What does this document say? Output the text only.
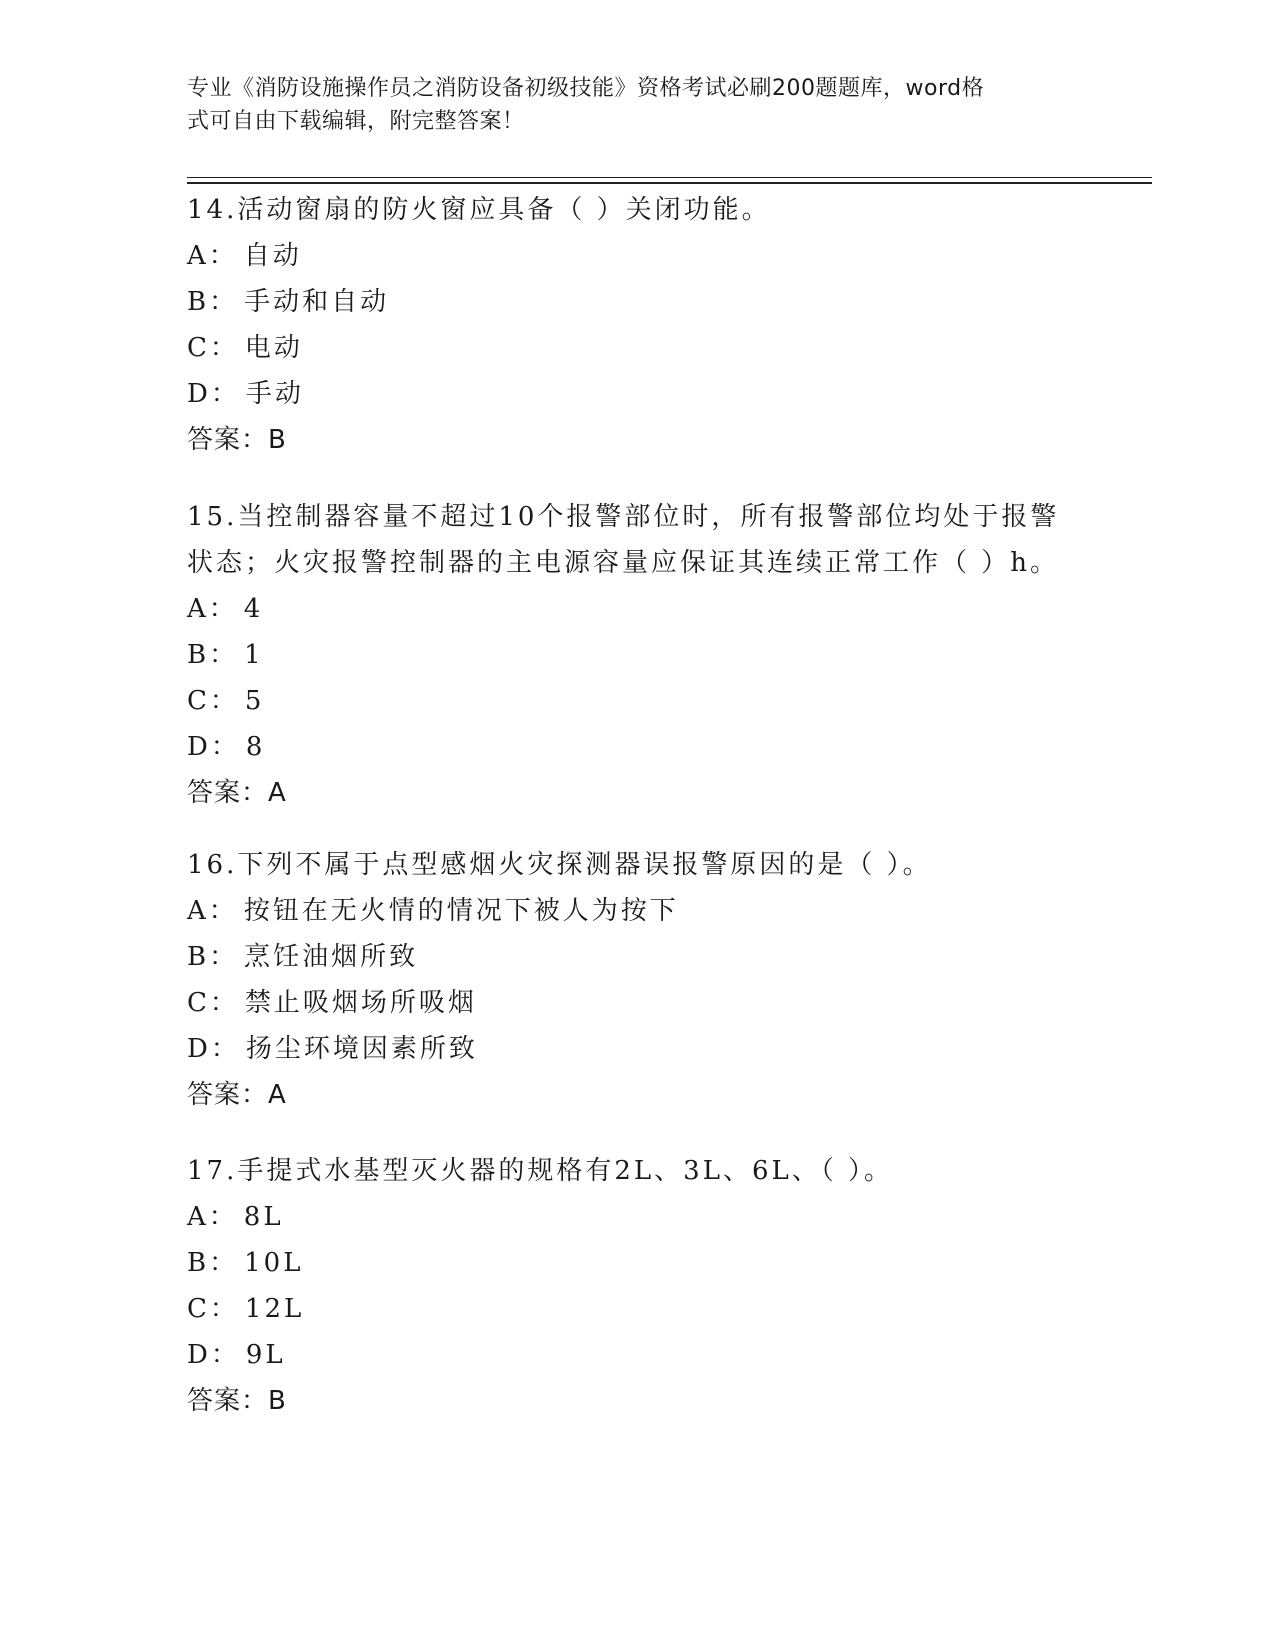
专业《消防设施操作员之消防设备初级技能》资格考试必刷200题题库，word格
式可自由下载编辑，附完整答案！
14.活动窗扇的防火窗应具备（ ）关闭功能。
A： 自动
B： 手动和自动
C： 电动
D： 手动
答案：B
15.当控制器容量不超过10个报警部位时，所有报警部位均处于报警
状态；火灾报警控制器的主电源容量应保证其连续正常工作（ ）h。
A： 4
B： 1
C： 5
D： 8
答案：A
16.下列不属于点型感烟火灾探测器误报警原因的是（ ）。
A： 按钮在无火情的情况下被人为按下
B： 烹饪油烟所致
C： 禁止吸烟场所吸烟
D： 扬尘环境因素所致
答案：A
17.手提式水基型灭火器的规格有2L、3L、6L、（ ）。
A： 8L
B： 10L
C： 12L
D： 9L
答案：B
